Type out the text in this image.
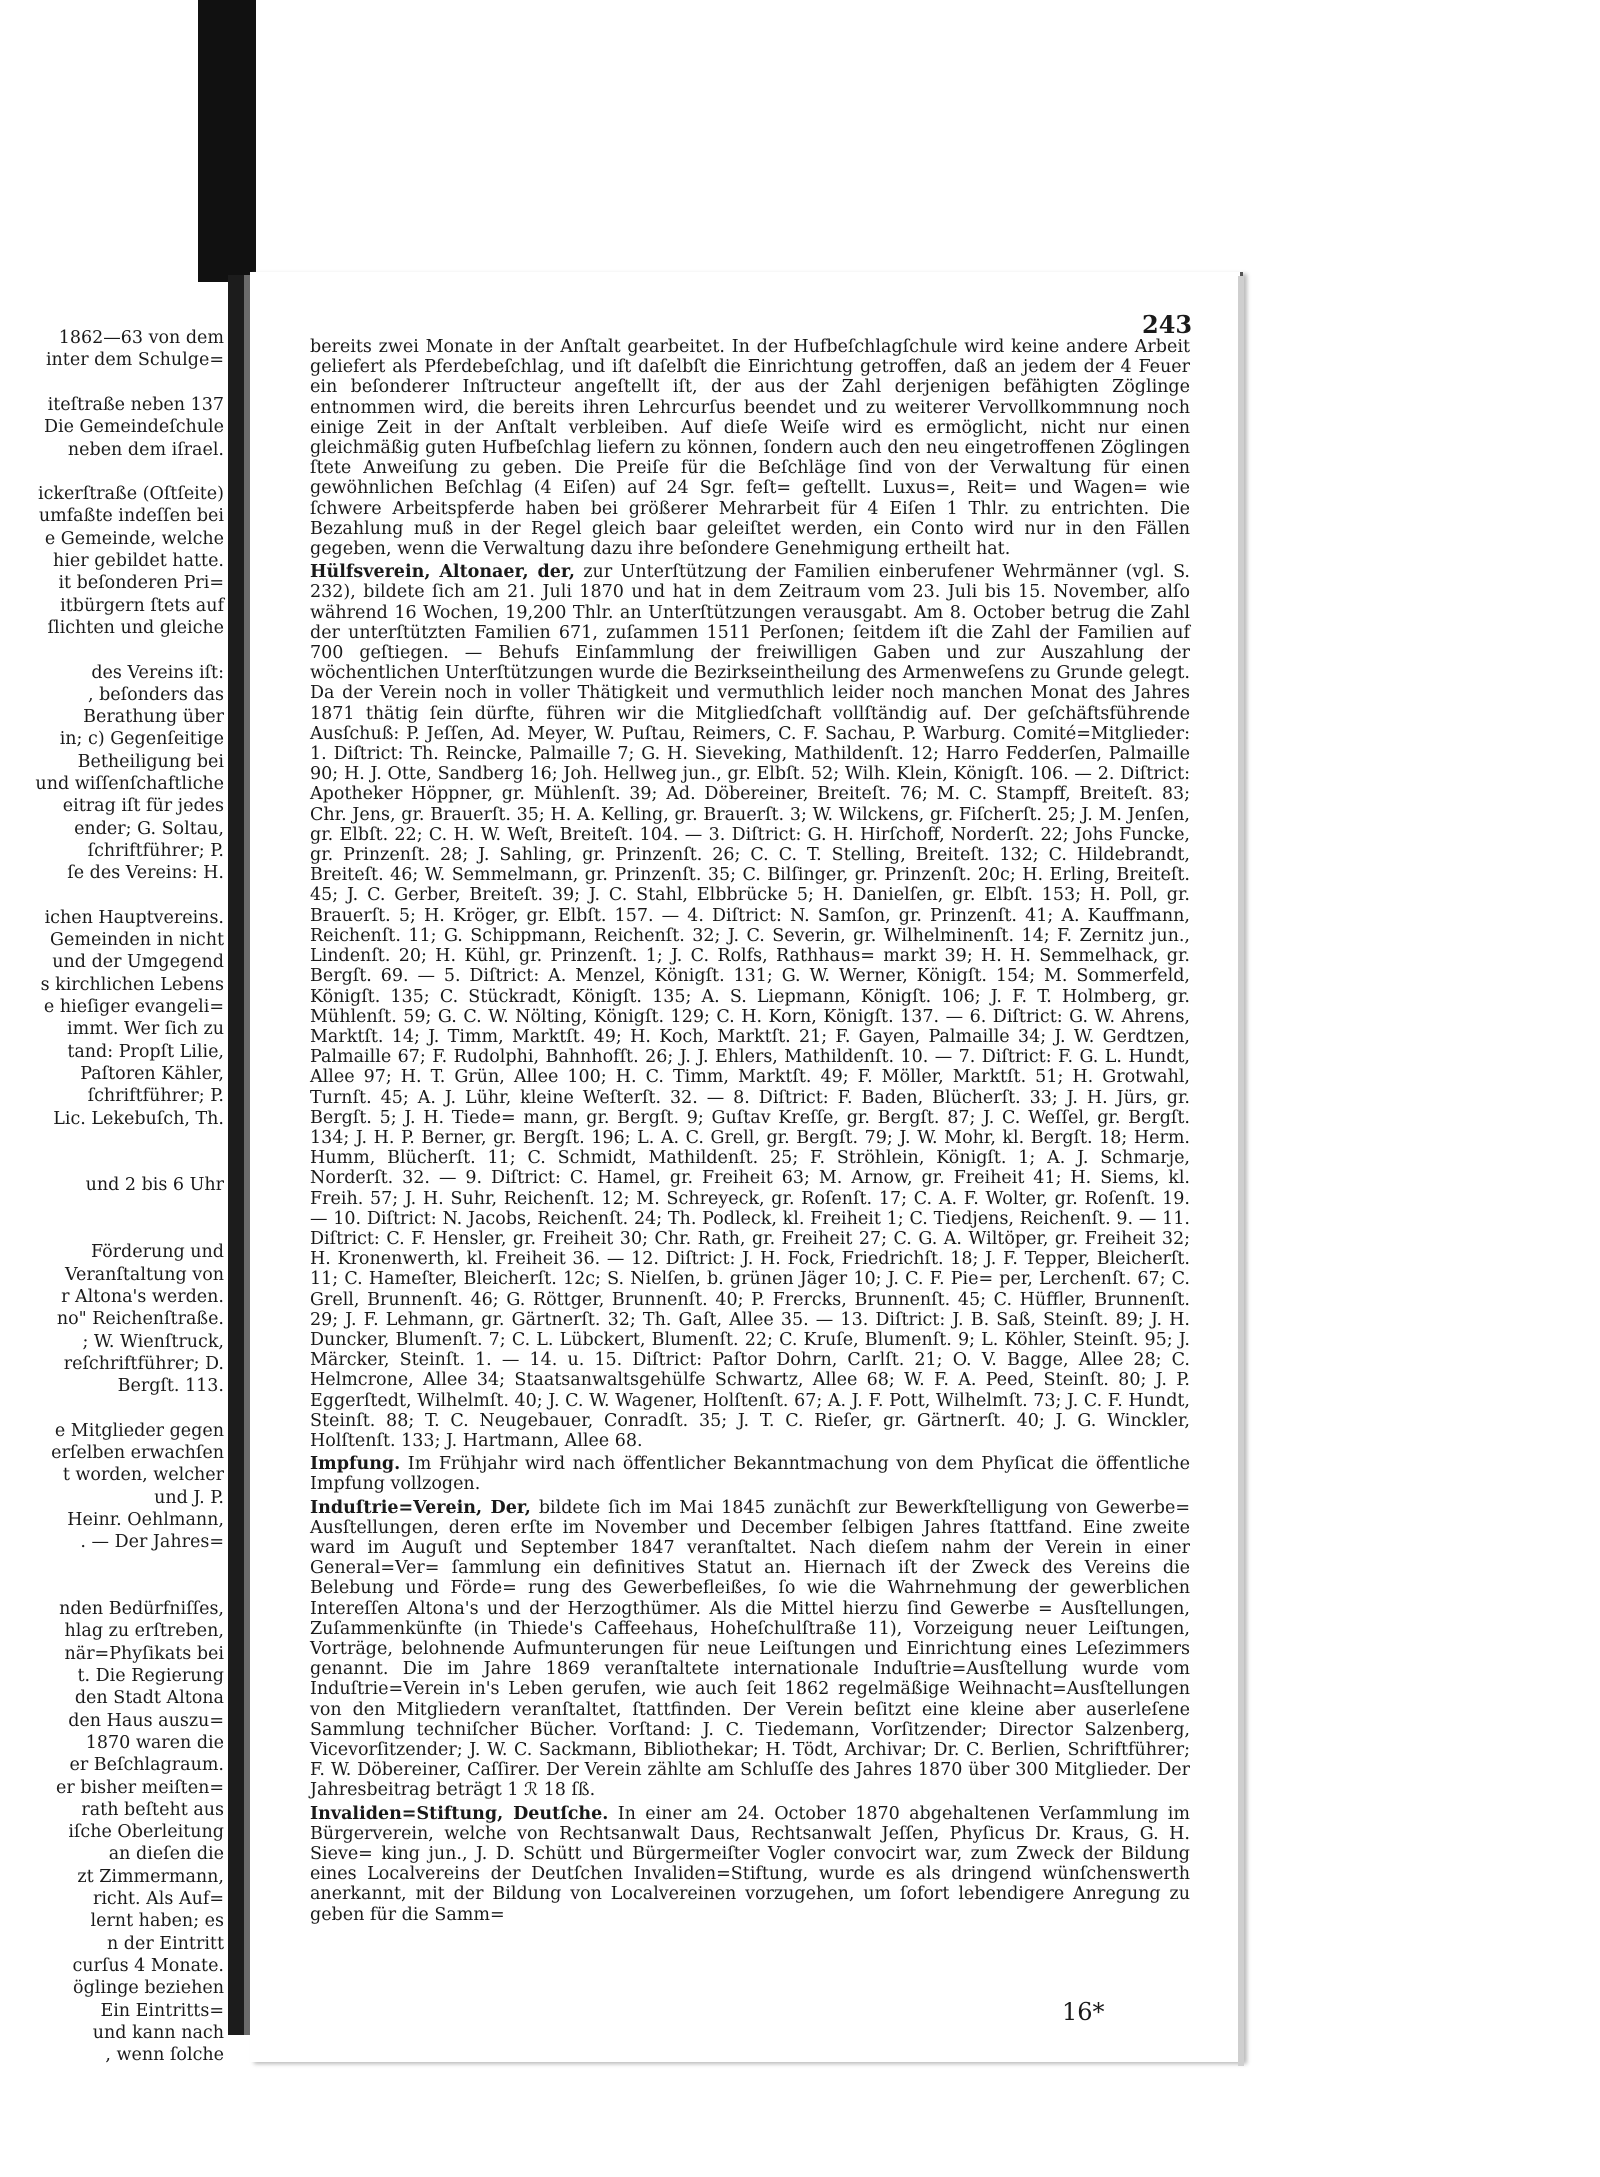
1862—63 von dem
inter dem Schulge=
iteſtraße neben 137
Die Gemeindeſchule
neben dem iſrael.
ickerſtraße (Oſtſeite)
umfaßte indeſſen bei
e Gemeinde, welche
hier gebildet hatte.
it beſonderen Pri=
itbürgern ſtets auf
ſlichten und gleiche
des Vereins iſt:
, beſonders das
Berathung über
in; c) Gegenſeitige
Betheiligung bei
und wiſſenſchaftliche
eitrag iſt für jedes
ender; G. Soltau,
ſchriftführer; P.
ſe des Vereins: H.
ichen Hauptvereins.
Gemeinden in nicht
und der Umgegend
s kirchlichen Lebens
e hieſiger evangeli=
immt. Wer ſich zu
tand: Propſt Lilie,
Paſtoren Kähler,
ſchriftführer; P.
Lic. Lekebuſch, Th.
und 2 bis 6 Uhr
Förderung und
Veranſtaltung von
r Altona's werden.
no" Reichenſtraße.
; W. Wienſtruck,
reſchriftführer; D.
Bergſt. 113.
e Mitglieder gegen
erſelben erwachſen
t worden, welcher
und J. P.
Heinr. Oehlmann,
. — Der Jahres=
nden Bedürfniſſes,
hlag zu erſtreben,
när=Phyſikats bei
t. Die Regierung
den Stadt Altona
den Haus auszu=
1870 waren die
er Beſchlagraum.
er bisher meiſten=
rath beſteht aus
iſche Oberleitung
an dieſen die
zt Zimmermann,
richt. Als Auf=
lernt haben; es
n der Eintritt
curſus 4 Monate.
öglinge beziehen
Ein Eintritts=
und kann nach
, wenn ſolche
243

bereits zwei Monate in der Anſtalt gearbeitet. In der Hufbeſchlagſchule wird keine andere Arbeit geliefert als Pferdebeſchlag, und iſt daſelbſt die Einrichtung getroffen, daß an jedem der 4 Feuer ein beſonderer Inſtructeur angeſtellt iſt, der aus der Zahl derjenigen befähigten Zöglinge entnommen wird, die bereits ihren Lehrcurſus beendet und zu weiterer Vervollkommnung noch einige Zeit in der Anſtalt verbleiben. Auf dieſe Weiſe wird es ermöglicht, nicht nur einen gleichmäßig guten Hufbeſchlag liefern zu können, ſondern auch den neu eingetroffenen Zöglingen ſtete Anweiſung zu geben. Die Preiſe für die Beſchläge ſind von der Verwaltung für einen gewöhnlichen Beſchlag (4 Eiſen) auf 24 Sgr. feſt= geſtellt. Luxus=, Reit= und Wagen= wie ſchwere Arbeitspferde haben bei größerer Mehrarbeit für 4 Eiſen 1 Thlr. zu entrichten. Die Bezahlung muß in der Regel gleich baar geleiſtet werden, ein Conto wird nur in den Fällen gegeben, wenn die Verwaltung dazu ihre beſondere Genehmigung ertheilt hat.

Hülfsverein, Altonaer, der, zur Unterſtützung der Familien einberufener Wehrmänner (vgl. S. 232), bildete ſich am 21. Juli 1870 und hat in dem Zeitraum vom 23. Juli bis 15. November, alſo während 16 Wochen, 19,200 Thlr. an Unterſtützungen verausgabt. Am 8. October betrug die Zahl der unterſtützten Familien 671, zuſammen 1511 Perſonen; ſeitdem iſt die Zahl der Familien auf 700 geſtiegen. — Behufs Einſammlung der freiwilligen Gaben und zur Auszahlung der wöchentlichen Unterſtützungen wurde die Bezirkseintheilung des Armenweſens zu Grunde gelegt. Da der Verein noch in voller Thätigkeit und vermuthlich leider noch manchen Monat des Jahres 1871 thätig ſein dürfte, führen wir die Mitgliedſchaft vollſtändig auf. Der geſchäftsführende Ausſchuß: P. Jeſſen, Ad. Meyer, W. Puſtau, Reimers, C. F. Sachau, P. Warburg. Comité=Mitglieder: 1. Diſtrict: Th. Reincke, Palmaille 7; G. H. Sieveking, Mathildenſt. 12; Harro Fedderſen, Palmaille 90; H. J. Otte, Sandberg 16; Joh. Hellweg jun., gr. Elbſt. 52; Wilh. Klein, Königſt. 106. — 2. Diſtrict: Apotheker Höppner, gr. Mühlenſt. 39; Ad. Döbereiner, Breiteſt. 76; M. C. Stampff, Breiteſt. 83; Chr. Jens, gr. Brauerſt. 35; H. A. Kelling, gr. Brauerſt. 3; W. Wilckens, gr. Fiſcherſt. 25; J. M. Jenſen, gr. Elbſt. 22; C. H. W. Weſt, Breiteſt. 104. — 3. Diſtrict: G. H. Hirſchoff, Norderſt. 22; Johs Funcke, gr. Prinzenſt. 28; J. Sahling, gr. Prinzenſt. 26; C. C. T. Stelling, Breiteſt. 132; C. Hildebrandt, Breiteſt. 46; W. Semmelmann, gr. Prinzenſt. 35; C. Bilſinger, gr. Prinzenſt. 20c; H. Erling, Breiteſt. 45; J. C. Gerber, Breiteſt. 39; J. C. Stahl, Elbbrücke 5; H. Danielſen, gr. Elbſt. 153; H. Poll, gr. Brauerſt. 5; H. Kröger, gr. Elbſt. 157. — 4. Diſtrict: N. Samſon, gr. Prinzenſt. 41; A. Kauffmann, Reichenſt. 11; G. Schippmann, Reichenſt. 32; J. C. Severin, gr. Wilhelminenſt. 14; F. Zernitz jun., Lindenſt. 20; H. Kühl, gr. Prinzenſt. 1; J. C. Rolfs, Rathhaus= markt 39; H. H. Semmelhack, gr. Bergſt. 69. — 5. Diſtrict: A. Menzel, Königſt. 131; G. W. Werner, Königſt. 154; M. Sommerfeld, Königſt. 135; C. Stückradt, Königſt. 135; A. S. Liepmann, Königſt. 106; J. F. T. Holmberg, gr. Mühlenſt. 59; G. C. W. Nölting, Königſt. 129; C. H. Korn, Königſt. 137. — 6. Diſtrict: G. W. Ahrens, Marktſt. 14; J. Timm, Marktſt. 49; H. Koch, Marktſt. 21; F. Gayen, Palmaille 34; J. W. Gerdtzen, Palmaille 67; F. Rudolphi, Bahnhofſt. 26; J. J. Ehlers, Mathildenſt. 10. — 7. Diſtrict: F. G. L. Hundt, Allee 97; H. T. Grün, Allee 100; H. C. Timm, Marktſt. 49; F. Möller, Marktſt. 51; H. Grotwahl, Turnſt. 45; A. J. Lühr, kleine Weſterſt. 32. — 8. Diſtrict: F. Baden, Blücherſt. 33; J. H. Jürs, gr. Bergſt. 5; J. H. Tiede= mann, gr. Bergſt. 9; Guſtav Kreſſe, gr. Bergſt. 87; J. C. Weſſel, gr. Bergſt. 134; J. H. P. Berner, gr. Bergſt. 196; L. A. C. Grell, gr. Bergſt. 79; J. W. Mohr, kl. Bergſt. 18; Herm. Humm, Blücherſt. 11; C. Schmidt, Mathildenſt. 25; F. Ströhlein, Königſt. 1; A. J. Schmarje, Norderſt. 32. — 9. Diſtrict: C. Hamel, gr. Freiheit 63; M. Arnow, gr. Freiheit 41; H. Siems, kl. Freih. 57; J. H. Suhr, Reichenſt. 12; M. Schreyeck, gr. Roſenſt. 17; C. A. F. Wolter, gr. Roſenſt. 19. — 10. Diſtrict: N. Jacobs, Reichenſt. 24; Th. Podleck, kl. Freiheit 1; C. Tiedjens, Reichenſt. 9. — 11. Diſtrict: C. F. Hensler, gr. Freiheit 30; Chr. Rath, gr. Freiheit 27; C. G. A. Wiltöper, gr. Freiheit 32; H. Kronenwerth, kl. Freiheit 36. — 12. Diſtrict: J. H. Fock, Friedrichſt. 18; J. F. Tepper, Bleicherſt. 11; C. Hameſter, Bleicherſt. 12c; S. Nielſen, b. grünen Jäger 10; J. C. F. Pie= per, Lerchenſt. 67; C. Grell, Brunnenſt. 46; G. Röttger, Brunnenſt. 40; P. Frercks, Brunnenſt. 45; C. Hüffler, Brunnenſt. 29; J. F. Lehmann, gr. Gärtnerſt. 32; Th. Gaſt, Allee 35. — 13. Diſtrict: J. B. Saß, Steinſt. 89; J. H. Duncker, Blumenſt. 7; C. L. Lübckert, Blumenſt. 22; C. Kruſe, Blumenſt. 9; L. Köhler, Steinſt. 95; J. Märcker, Steinſt. 1. — 14. u. 15. Diſtrict: Paſtor Dohrn, Carlſt. 21; O. V. Bagge, Allee 28; C. Helmcrone, Allee 34; Staatsanwaltsgehülfe Schwartz, Allee 68; W. F. A. Peed, Steinſt. 80; J. P. Eggerſtedt, Wilhelmſt. 40; J. C. W. Wagener, Holſtenſt. 67; A. J. F. Pott, Wilhelmſt. 73; J. C. F. Hundt, Steinſt. 88; T. C. Neugebauer, Conradſt. 35; J. T. C. Rieſer, gr. Gärtnerſt. 40; J. G. Winckler, Holſtenſt. 133; J. Hartmann, Allee 68.

Impfung. Im Frühjahr wird nach öffentlicher Bekanntmachung von dem Phyſicat die öffentliche Impfung vollzogen.

Induſtrie=Verein, Der, bildete ſich im Mai 1845 zunächſt zur Bewerkſtelligung von Gewerbe= Ausſtellungen, deren erſte im November und December ſelbigen Jahres ſtattfand. Eine zweite ward im Auguſt und September 1847 veranſtaltet. Nach dieſem nahm der Verein in einer General=Ver= ſammlung ein definitives Statut an. Hiernach iſt der Zweck des Vereins die Belebung und Förde= rung des Gewerbefleißes, ſo wie die Wahrnehmung der gewerblichen Intereſſen Altona's und der Herzogthümer. Als die Mittel hierzu ſind Gewerbe = Ausſtellungen, Zuſammenkünfte (in Thiede's Caffeehaus, Hoheſchulſtraße 11), Vorzeigung neuer Leiſtungen, Vorträge, belohnende Aufmunterungen für neue Leiſtungen und Einrichtung eines Leſezimmers genannt. Die im Jahre 1869 veranſtaltete internationale Induſtrie=Ausſtellung wurde vom Induſtrie=Verein in's Leben gerufen, wie auch ſeit 1862 regelmäßige Weihnacht=Ausſtellungen von den Mitgliedern veranſtaltet, ſtattfinden. Der Verein beſitzt eine kleine aber auserleſene Sammlung techniſcher Bücher. Vorſtand: J. C. Tiedemann, Vorſitzender; Director Salzenberg, Vicevorſitzender; J. W. C. Sackmann, Bibliothekar; H. Tödt, Archivar; Dr. C. Berlien, Schriftführer; F. W. Döbereiner, Caſſirer. Der Verein zählte am Schluſſe des Jahres 1870 über 300 Mitglieder. Der Jahresbeitrag beträgt 1 ℛ 18 ſß.

Invaliden=Stiftung, Deutſche. In einer am 24. October 1870 abgehaltenen Verſammlung im Bürgerverein, welche von Rechtsanwalt Daus, Rechtsanwalt Jeſſen, Phyſicus Dr. Kraus, G. H. Sieve= king jun., J. D. Schütt und Bürgermeiſter Vogler convocirt war, zum Zweck der Bildung eines Localvereins der Deutſchen Invaliden=Stiftung, wurde es als dringend wünſchenswerth anerkannt, mit der Bildung von Localvereinen vorzugehen, um ſofort lebendigere Anregung zu geben für die Samm=

16*
